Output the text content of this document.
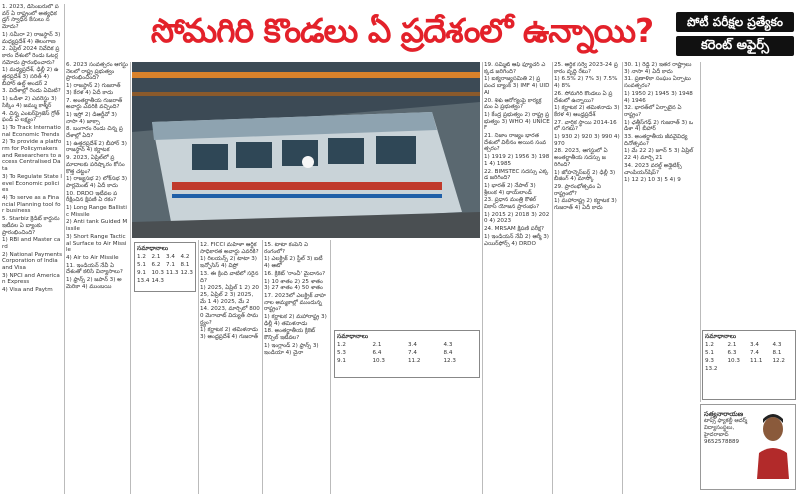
సోమగిరి కొండలు ఏ ప్రదేశంలో ఉన్నాయి?	పోటీ పరీక్షల ప్రత్యేకం
కరెంట్ అఫైర్స్
1. 2023, డిసెంబరులో పవర్ ఏ రాష్ట్రంలో అత్యధిక డ్రగ్ స్వాధీన కేసులు నమోదు?
1) సమీరా 2) రాజస్థాన్ 3) మధ్యప్రదేశ్ 4) తెలంగాణ
2. ఏప్రిల్ 2024 నివేదిక ప్రకారం దేశంలో రెండు ఓటర్ల నమోదు ప్రారంభించారు?
1) మధ్యప్రదేశ్, ఢిల్లీ 2) ఉత్తరప్రదేశ్ 3) సరిత్‌ 4) బీహార్ ఉల్డ్ అండర్ 2
3. విదేశాల్లో రెండు ఏమిటి?
1) ఒడిశా 2) ఎవరెస్టు 3) సిక్కిం 4) జమ్ము కాశ్మీర్
4. చిన్న ఎంటర్‌ప్రైజెస్ గ్రోత్ ఫండ్ ఏ లక్ష్యం?
1) To Track International Economic Trends
2) To provide a platform for Policymakers and Researchers to access Centralised Data
3) To Regulate State level Economic policies
4) To serve as a Financial Planning tool for business
5. Starbiz క్రెడిట్ కార్డును ఇటీవల ఏ బ్యాంకు ప్రారంభించింది?
1) RBI and Master card
2) National Payments Corporation of India and Visa
3) NPCI and American Express
4) Visa and Paytm
6. 2023 సంవత్సరం ఆగస్టు నెలలో రాష్ట్ర ప్రభుత్వం ప్రారంభించింది?
1) రాజస్థాన్ 2) గుజరాత్ 3) కేరళ 4) ఏదీ కాదు
7. అంతర్జాతీయ గుజరాత్ అవార్డు ఎవరికి వచ్చింది?
1) ఇస్రో 2) డిఆర్డీవో 3) నాసా 4) జాక్సా
8. బంగారం రెండు చిన్న ప్రదేశాల్లో ఏది?
1) ఉత్తరప్రదేశ్ 2) బీహార్ 3) రాజస్థాన్ 4) కర్ణాటక
9. 2023, ఏప్రిల్‌లో ప్రమాదాలకు పరిష్కారం కోసం కొత్త చట్టం?
1) రాజ్యసభ 2) లోక్‌సభ 3) పార్లమెంట్ 4) ఏదీ కాదు
10. DRDO ఇటీవల పరీక్షించిన క్షిపణి ఏ రకం?
1) Long Range Ballistic Missile
2) Anti tank Guided Missile
3) Short Range Tactical Surface to Air Missile
4) Air to Air Missile
11. ఇండియన్ నేవీ ఏ దేశంతో కలిసి విన్యాసాలు?
1) ఫ్రాన్స్ 2) జపాన్ 3) అమెరికా 4) ముంబయి
12. FICCI మహిళా ఆర్థిక సాధికారత అవార్డు ఎవరికి?
1) రిలయన్స్ 2) టాటా 3) ఇన్ఫోసిస్ 4) విప్రో
13. ఈ క్రింది వాటిలో సరైనది?
1) 2025, ఏప్రిల్ 1 2) 2025, ఏప్రిల్ 2 3) 2025, మే 1 4) 2025, మే 2
14. 2023, మార్చిలో 8000 మెగావాట్ విద్యుత్ సామర్థ్యం?
1) కర్ణాటక 2) తమిళనాడు 3) ఆంధ్రప్రదేశ్ 4) గుజరాత్
15. టాటా కంపెనీ ఏ రంగంలో?
1) ఎలక్ట్రిక్ 2) స్టీల్ 3) ఐటీ 4) ఆటో
16. క్రికెట్ 'రాంచీ' మైదానం?
1) 10 శాతం 2) 25 శాతం 3) 27 శాతం 4) 50 శాతం
17. 2023లో ఎలక్ట్రిక్ వాహనాల అమ్మకాల్లో ముందున్న రాష్ట్రం?
1) కర్ణాటక 2) మహారాష్ట్ర 3) ఢిల్లీ 4) తమిళనాడు
18. అంతర్జాతీయ క్రికెట్ కౌన్సిల్ ఇటీవల?
1) ఇంగ్లాండ్ 2) ఫ్రాన్స్ 3) ఇండియా 4) చైనా
19. సమ్మిట్ ఆఫ్ ఫ్యూచర్ ఎక్కడ జరిగింది?
1) ఐక్యరాజ్యసమితి 2) ప్రపంచ బ్యాంక్ 3) IMF 4) UIDAI
20. శిశు ఆరోగ్యంపై కార్యక్రమం ఏ ప్రభుత్వం?
1) కేంద్ర ప్రభుత్వం 2) రాష్ట్ర ప్రభుత్వం 3) WHO 4) UNICEF
21. నిజాం రాజ్యం భారతదేశంలో విలీనం అయిన సంవత్సరం?
1) 1919 2) 1956 3) 1981 4) 1985
22. BIMSTEC సదస్సు ఎక్కడ జరిగింది?
1) భారత్ 2) నేపాల్ 3) శ్రీలంక 4) థాయ్‌లాండ్
23. ప్రధాన మంత్రి కౌశల్ వికాస్ యోజన ప్రారంభం?
1) 2015 2) 2018 3) 2020 4) 2023
24. MRSAM క్షిపణి పరీక్ష?
1) ఇండియన్ నేవీ 2) ఆర్మీ 3) ఎయిర్‌ఫోర్స్ 4) DRDO
25. ఆర్థిక సర్వే 2023-24 ప్రకారం వృద్ధి రేటు?
1) 6.5% 2) 7% 3) 7.5% 4) 8%
26. సోమగిరి కొండలు ఏ ప్రదేశంలో ఉన్నాయి?
1) కర్ణాటక 2) తమిళనాడు 3) కేరళ 4) ఆంధ్రప్రదేశ్
27. వార్షిక స్థాయి 2014-16 లో సగటు?
1) 930 2) 920 3) 990 4) 970
28. 2023, ఆగస్టులో ఏ అంతర్జాతీయ సదస్సు జరిగింది?
1) జోహన్నెస్‌బర్గ్ 2) ఢిల్లీ 3) బీజింగ్ 4) మాస్కో
29. ప్రారంభోత్సవం ఏ రాష్ట్రంలో?
1) మహారాష్ట్ర 2) కర్ణాటక 3) గుజరాత్ 4) ఏదీ కాదు
30. 1) రెడ్డి 2) ఇతర రాష్ట్రాలు 3) నాసా 4) ఏదీ కాదు
31. ప్రణాళికా సంఘం ఏర్పాటు సంవత్సరం?
1) 1950 2) 1945 3) 1948 4) 1946
32. భారత్‌లో ఏర్పాటైన ఏ రాష్ట్రం?
1) ఛత్తీస్‌గఢ్ 2) గుజరాత్ 3) ఒడిశా 4) బీహార్
33. అంతర్జాతీయ జీవవైవిధ్య దినోత్సవం?
1) మే 22 2) జూన్ 5 3) ఏప్రిల్ 22 4) మార్చి 21
34. 2023 వరల్డ్ అథ్లెటిక్స్ చాంపియన్‌షిప్?
1) 12 2) 10 3) 5 4) 9
సమాధానాలు
1.2 2.1 3.4 4.2
5.1 6.2 7.1 8.1
9.1 10.3 11.3 12.3
13.4 14.3
సమాధానాలు
1.2	2.1	3.4	4.3
5.3	6.4	7.4	8.4
9.1	10.3	11.2	12.3
సమాధానాలు
1.2	2.1	3.4	4.3
5.1	6.3	7.4	8.1
9.3	10.3	11.1	12.2
13.2
సత్యనారాయణ
టాప్స్ ఫ్యాకల్టీ ఆదర్శ్ విద్యాసంస్థలు, హైదరాబాద్
9652578889
